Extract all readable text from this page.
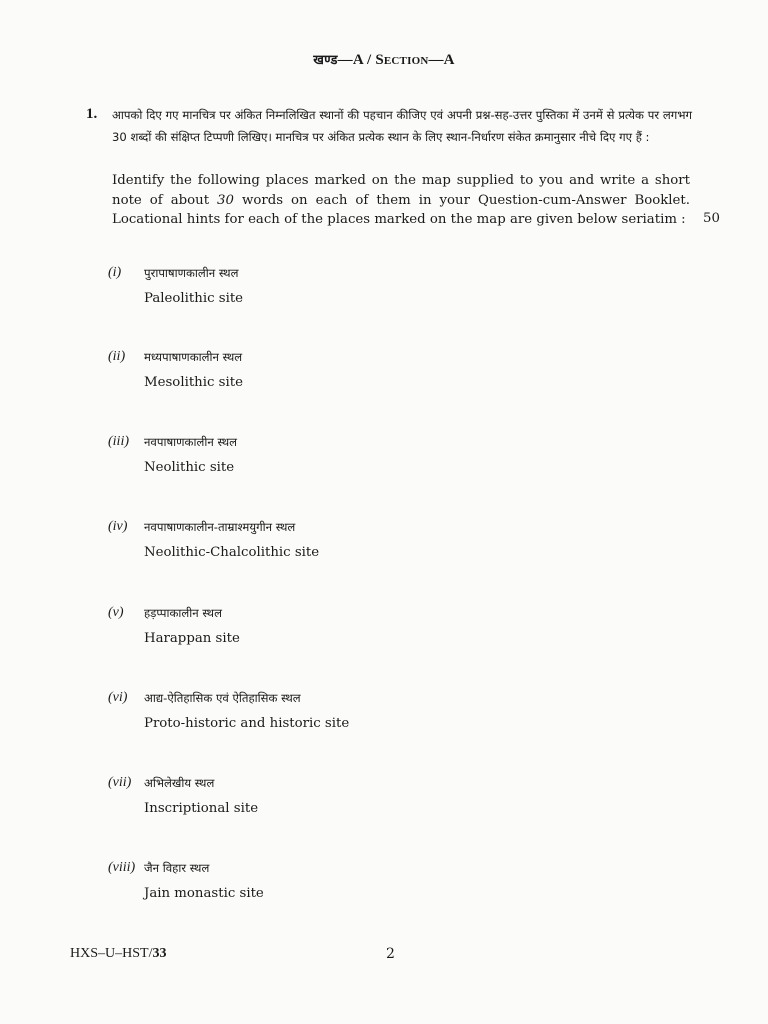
खण्ड—A / Section—A
1. आपको दिए गए मानचित्र पर अंकित निम्नलिखित स्थानों की पहचान कीजिए एवं अपनी प्रश्न-सह-उत्तर पुस्तिका में उनमें से प्रत्येक पर लगभग 30 शब्दों की संक्षिप्त टिप्पणी लिखिए। मानचित्र पर अंकित प्रत्येक स्थान के लिए स्थान-निर्धारण संकेत क्रमानुसार नीचे दिए गए हैं :
Identify the following places marked on the map supplied to you and write a short note of about 30 words on each of them in your Question-cum-Answer Booklet. Locational hints for each of the places marked on the map are given below seriatim :	50
(i) पुरापाषाणकालीन स्थल
Paleolithic site
(ii) मध्यपाषाणकालीन स्थल
Mesolithic site
(iii) नवपाषाणकालीन स्थल
Neolithic site
(iv) नवपाषाणकालीन-ताम्राश्मयुगीन स्थल
Neolithic-Chalcolithic site
(v) हड़प्पाकालीन स्थल
Harappan site
(vi) आद्य-ऐतिहासिक एवं ऐतिहासिक स्थल
Proto-historic and historic site
(vii) अभिलेखीय स्थल
Inscriptional site
(viii) जैन विहार स्थल
Jain monastic site
HXS–U–HST/33	2
